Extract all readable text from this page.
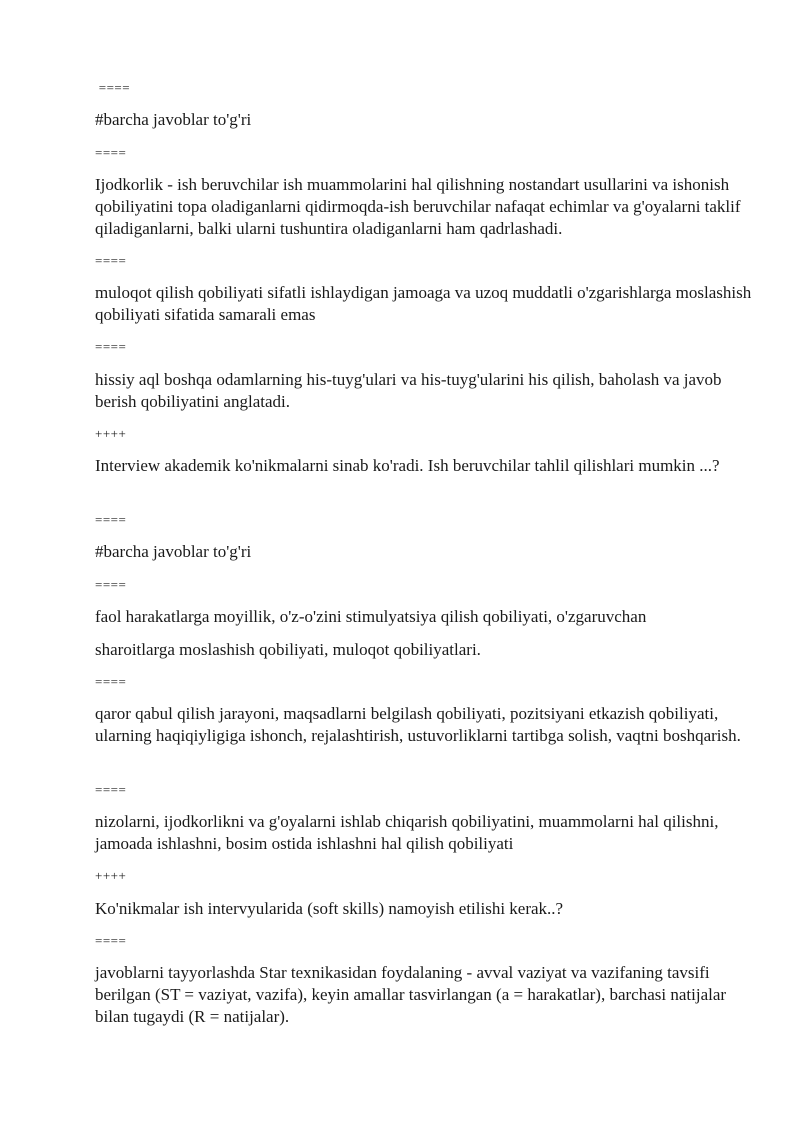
====
#barcha javoblar to'g'ri
====
Ijodkorlik - ish beruvchilar ish muammolarini hal qilishning nostandart usullarini va ishonish qobiliyatini topa oladiganlarni qidirmoqda-ish beruvchilar nafaqat echimlar va g'oyalarni taklif qiladiganlarni, balki ularni tushuntira oladiganlarni ham qadrlashadi.
====
muloqot qilish qobiliyati sifatli ishlaydigan jamoaga va uzoq muddatli o'zgarishlarga moslashish qobiliyati sifatida samarali emas
====
hissiy aql boshqa odamlarning his-tuyg'ulari va his-tuyg'ularini his qilish, baholash va javob berish qobiliyatini anglatadi.
++++
Interview akademik ko'nikmalarni sinab ko'radi. Ish beruvchilar tahlil qilishlari mumkin ...?
====
#barcha javoblar to'g'ri
====
faol harakatlarga moyillik, o'z-o'zini stimulyatsiya qilish qobiliyati, o'zgaruvchan
sharoitlarga moslashish qobiliyati, muloqot qobiliyatlari.
====
qaror qabul qilish jarayoni, maqsadlarni belgilash qobiliyati, pozitsiyani etkazish qobiliyati, ularning haqiqiyligiga ishonch, rejalashtirish, ustuvorliklarni tartibga solish, vaqtni boshqarish.
====
nizolarni, ijodkorlikni va g'oyalarni ishlab chiqarish qobiliyatini, muammolarni hal qilishni, jamoada ishlashni, bosim ostida ishlashni hal qilish qobiliyati
++++
Ko'nikmalar ish intervyularida (soft skills) namoyish etilishi kerak..?
====
javoblarni tayyorlashda Star texnikasidan foydalaning - avval vaziyat va vazifaning tavsifi berilgan (ST = vaziyat, vazifa), keyin amallar tasvirlangan (a = harakatlar), barchasi natijalar bilan tugaydi (R = natijalar).
